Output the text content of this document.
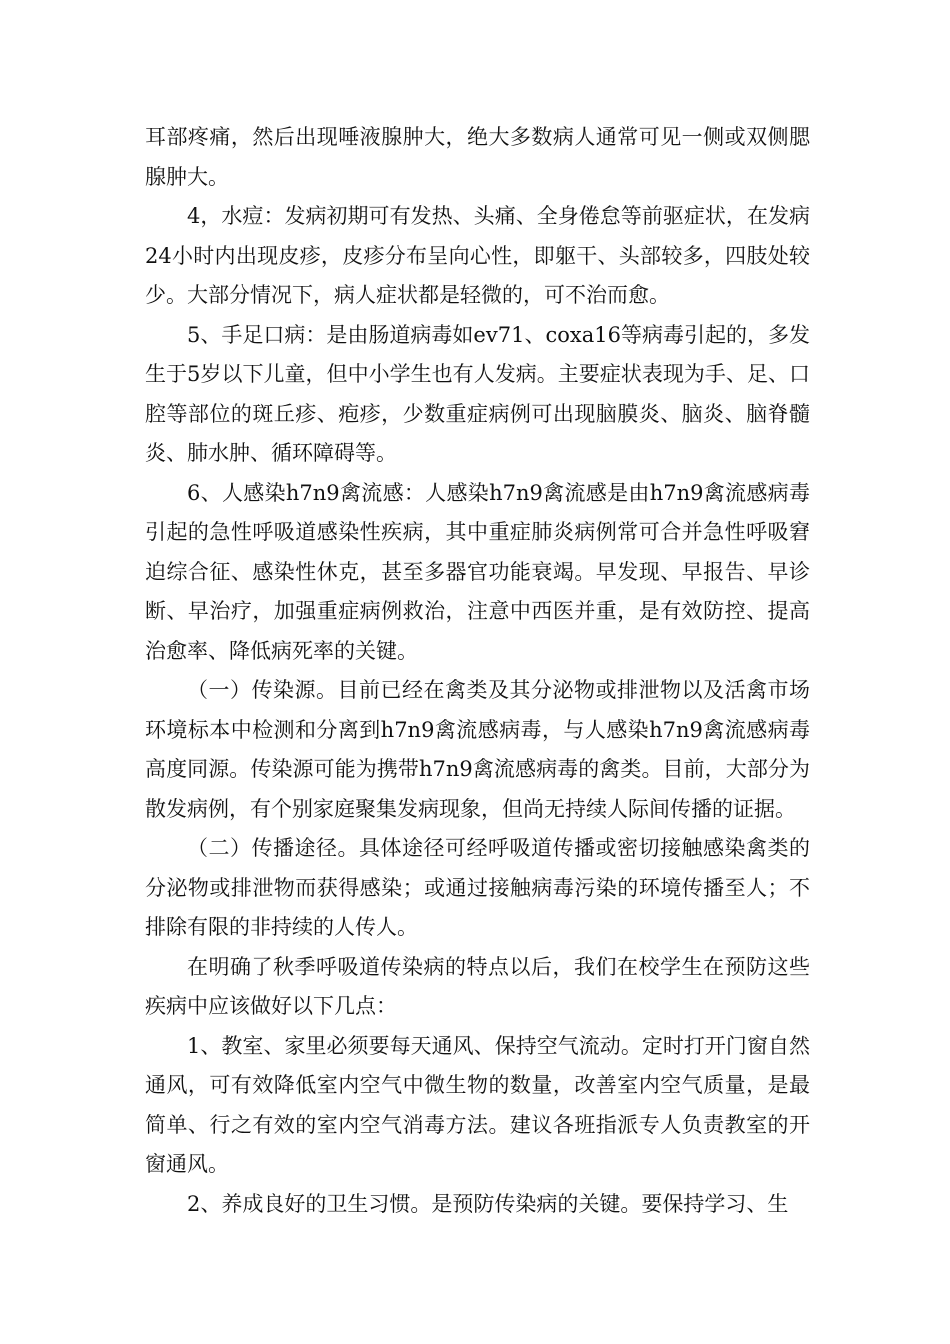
耳部疼痛，然后出现唾液腺肿大，绝大多数病人通常可见一侧或双侧腮腺肿大。

4，水痘：发病初期可有发热、头痛、全身倦怠等前驱症状，在发病24小时内出现皮疹，皮疹分布呈向心性，即躯干、头部较多，四肢处较少。大部分情况下，病人症状都是轻微的，可不治而愈。

5、手足口病：是由肠道病毒如ev71、coxa16等病毒引起的，多发生于5岁以下儿童，但中小学生也有人发病。主要症状表现为手、足、口腔等部位的斑丘疹、疱疹，少数重症病例可出现脑膜炎、脑炎、脑脊髓炎、肺水肿、循环障碍等。

6、人感染h7n9禽流感：人感染h7n9禽流感是由h7n9禽流感病毒引起的急性呼吸道感染性疾病，其中重症肺炎病例常可合并急性呼吸窘迫综合征、感染性休克，甚至多器官功能衰竭。早发现、早报告、早诊断、早治疗，加强重症病例救治，注意中西医并重，是有效防控、提高治愈率、降低病死率的关键。

（一）传染源。目前已经在禽类及其分泌物或排泄物以及活禽市场环境标本中检测和分离到h7n9禽流感病毒，与人感染h7n9禽流感病毒高度同源。传染源可能为携带h7n9禽流感病毒的禽类。目前，大部分为散发病例，有个别家庭聚集发病现象，但尚无持续人际间传播的证据。

（二）传播途径。具体途径可经呼吸道传播或密切接触感染禽类的分泌物或排泄物而获得感染；或通过接触病毒污染的环境传播至人；不排除有限的非持续的人传人。

在明确了秋季呼吸道传染病的特点以后，我们在校学生在预防这些疾病中应该做好以下几点：

1、教室、家里必须要每天通风、保持空气流动。定时打开门窗自然通风，可有效降低室内空气中微生物的数量，改善室内空气质量，是最简单、行之有效的室内空气消毒方法。建议各班指派专人负责教室的开窗通风。

2、养成良好的卫生习惯。是预防传染病的关键。要保持学习、生
